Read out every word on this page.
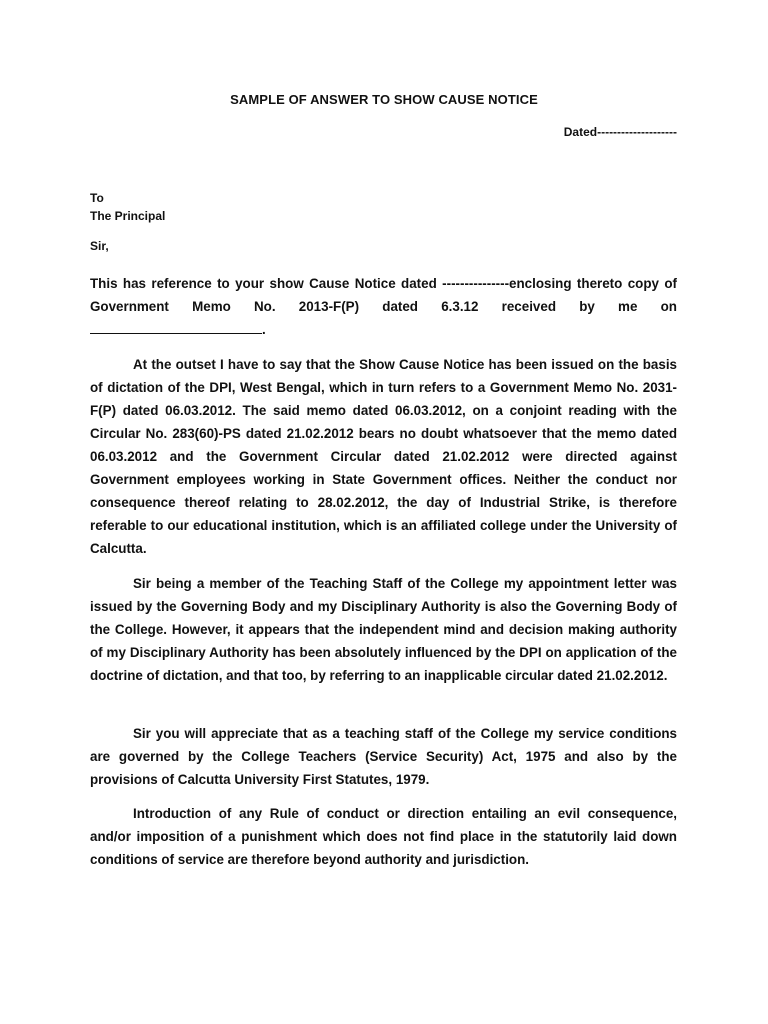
SAMPLE OF ANSWER TO SHOW CAUSE NOTICE
Dated--------------------
To
The Principal
Sir,

This has reference to your show Cause Notice dated ---------------enclosing thereto copy of Government Memo No. 2013-F(P) dated 6.3.12 received by me on .

At the outset I have to say that the Show Cause Notice has been issued on the basis of dictation of the DPI, West Bengal, which in turn refers to a Government Memo No. 2031-F(P) dated 06.03.2012. The said memo dated 06.03.2012, on a conjoint reading with the Circular No. 283(60)-PS dated 21.02.2012 bears no doubt whatsoever that the memo dated 06.03.2012 and the Government Circular dated 21.02.2012 were directed against Government employees working in State Government offices. Neither the conduct nor consequence thereof relating to 28.02.2012, the day of Industrial Strike, is therefore referable to our educational institution, which is an affiliated college under the University of Calcutta.

Sir being a member of the Teaching Staff of the College my appointment letter was issued by the Governing Body and my Disciplinary Authority is also the Governing Body of the College. However, it appears that the independent mind and decision making authority of my Disciplinary Authority has been absolutely influenced by the DPI on application of the doctrine of dictation, and that too, by referring to an inapplicable circular dated 21.02.2012.

Sir you will appreciate that as a teaching staff of the College my service conditions are governed by the College Teachers (Service Security) Act, 1975 and also by the provisions of Calcutta University First Statutes, 1979.

Introduction of any Rule of conduct or direction entailing an evil consequence, and/or imposition of a punishment which does not find place in the statutorily laid down conditions of service are therefore beyond authority and jurisdiction.
